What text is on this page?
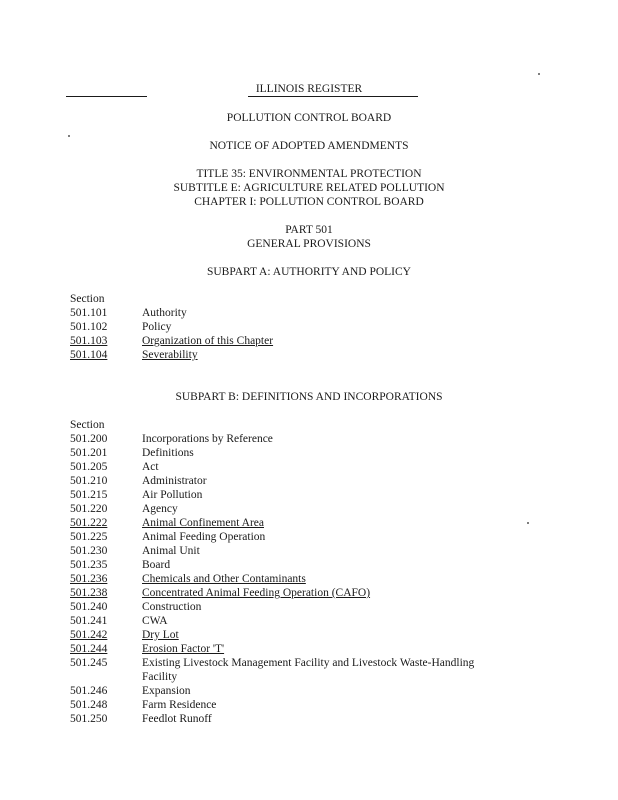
ILLINOIS REGISTER
POLLUTION CONTROL BOARD
NOTICE OF ADOPTED AMENDMENTS
TITLE 35: ENVIRONMENTAL PROTECTION
SUBTITLE E: AGRICULTURE RELATED POLLUTION
CHAPTER I: POLLUTION CONTROL BOARD
PART 501
GENERAL PROVISIONS
SUBPART A: AUTHORITY AND POLICY
Section
501.101	Authority
501.102	Policy
501.103	Organization of this Chapter
501.104	Severability
SUBPART B: DEFINITIONS AND INCORPORATIONS
Section
501.200	Incorporations by Reference
501.201	Definitions
501.205	Act
501.210	Administrator
501.215	Air Pollution
501.220	Agency
501.222	Animal Confinement Area
501.225	Animal Feeding Operation
501.230	Animal Unit
501.235	Board
501.236	Chemicals and Other Contaminants
501.238	Concentrated Animal Feeding Operation (CAFO)
501.240	Construction
501.241	CWA
501.242	Dry Lot
501.244	Erosion Factor 'T'
501.245	Existing Livestock Management Facility and Livestock Waste-Handling
Facility
501.246	Expansion
501.248	Farm Residence
501.250	Feedlot Runoff
